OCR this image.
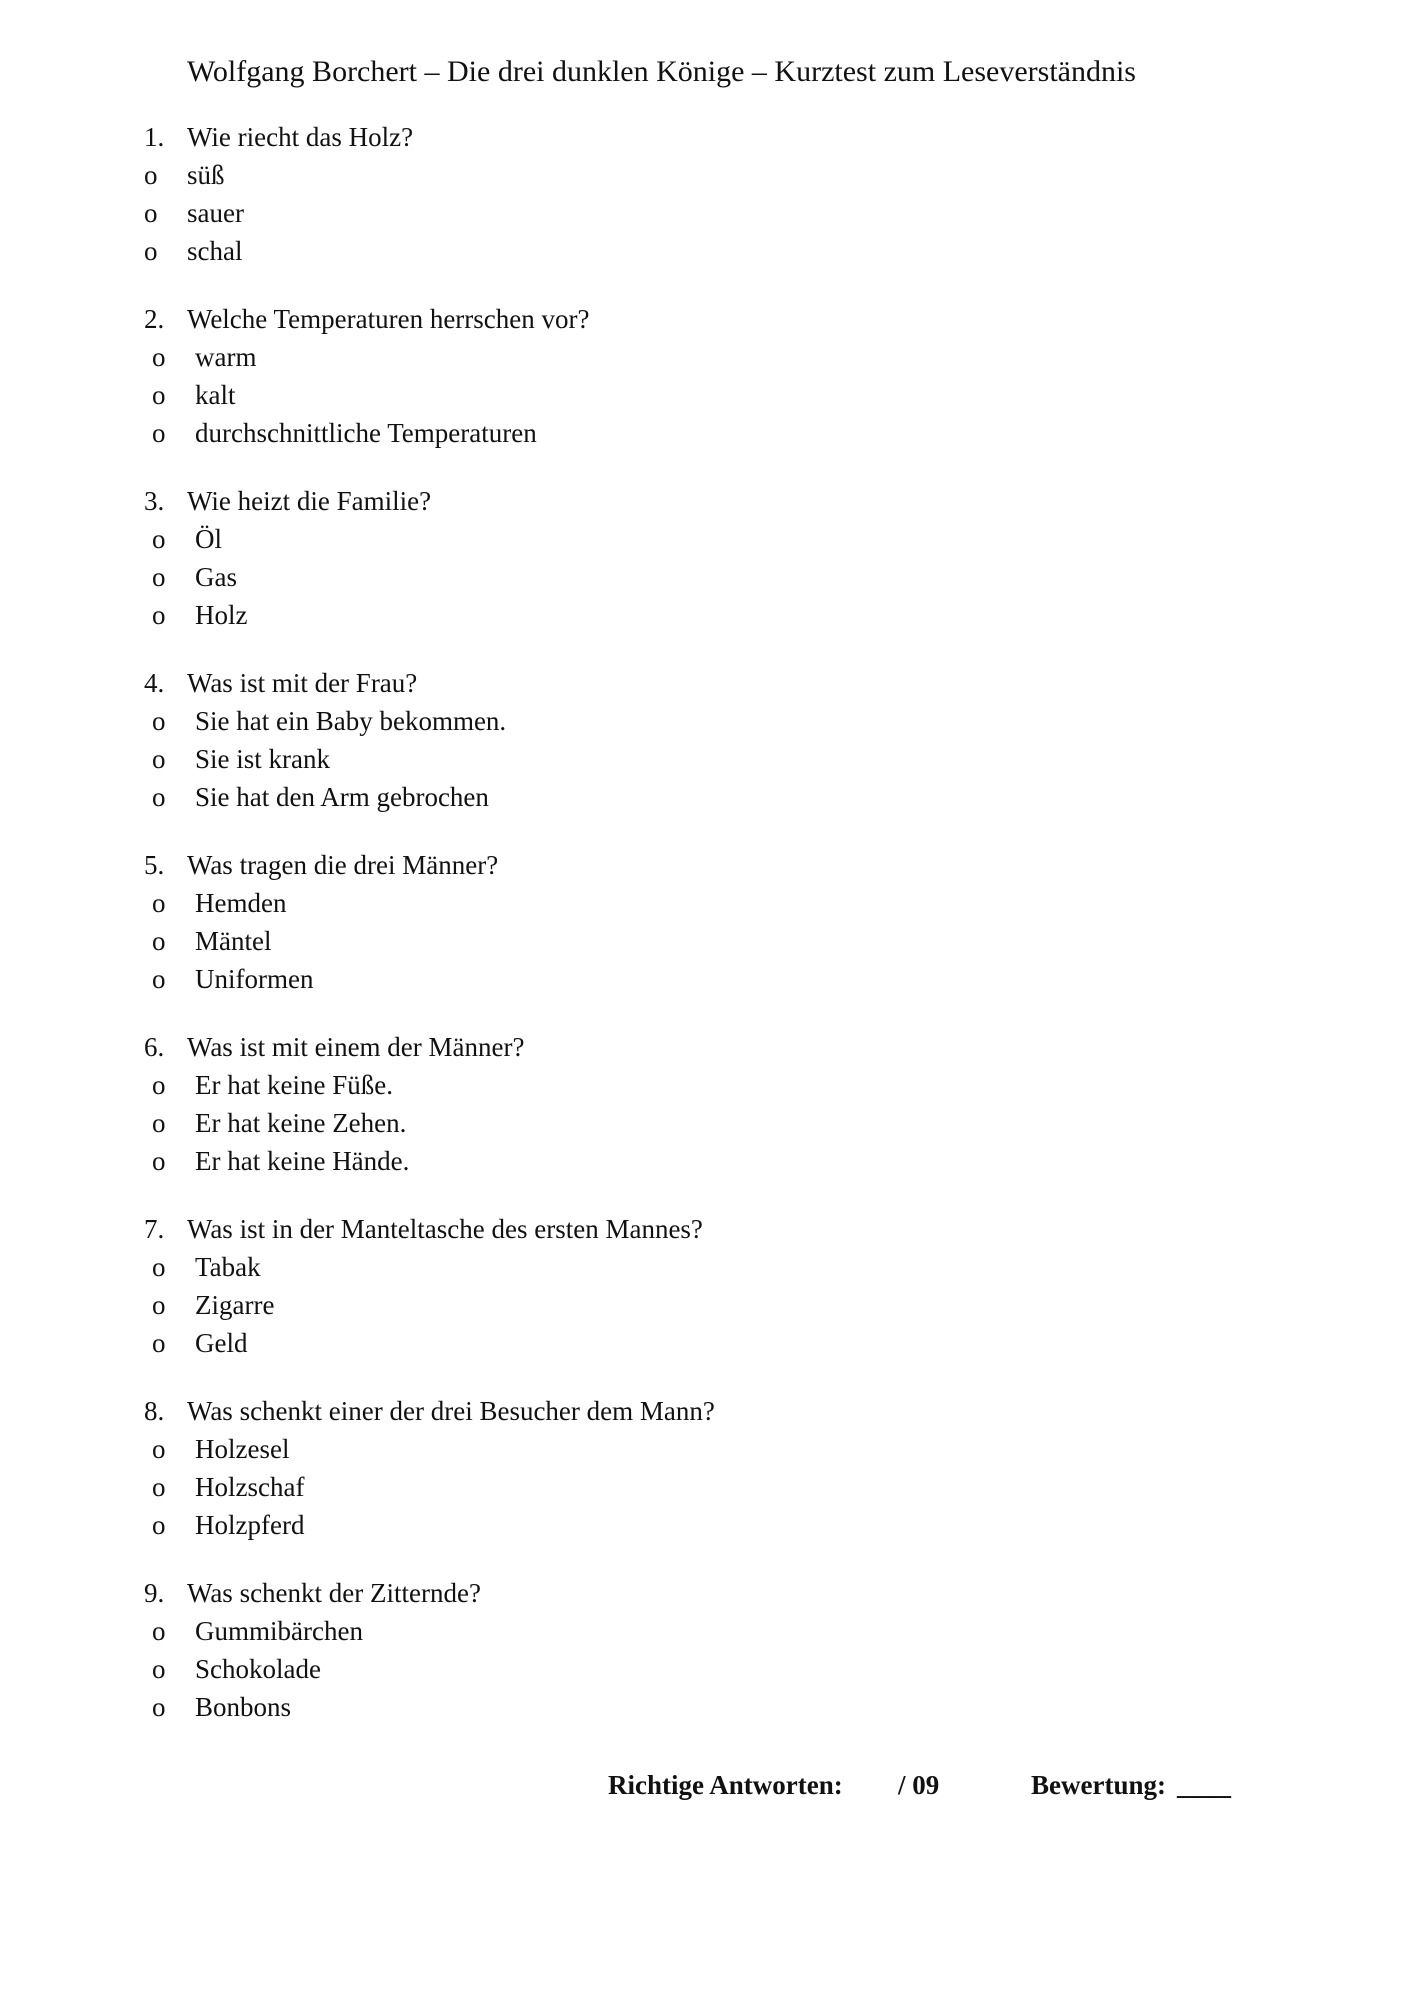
Wolfgang Borchert – Die drei dunklen Könige – Kurztest zum Leseverständnis
1. Wie riecht das Holz?
o süß
o sauer
o schal
2. Welche Temperaturen herrschen vor?
o warm
o kalt
o durchschnittliche Temperaturen
3. Wie heizt die Familie?
o Öl
o Gas
o Holz
4. Was ist mit der Frau?
o Sie hat ein Baby bekommen.
o Sie ist krank
o Sie hat den Arm gebrochen
5. Was tragen die drei Männer?
o Hemden
o Mäntel
o Uniformen
6. Was ist mit einem der Männer?
o Er hat keine Füße.
o Er hat keine Zehen.
o Er hat keine Hände.
7. Was ist in der Manteltasche des ersten Mannes?
o Tabak
o Zigarre
o Geld
8. Was schenkt einer der drei Besucher dem Mann?
o Holzesel
o Holzschaf
o Holzpferd
9. Was schenkt der Zitternde?
o Gummibärchen
o Schokolade
o Bonbons
Richtige Antworten: / 09	Bewertung: ____
